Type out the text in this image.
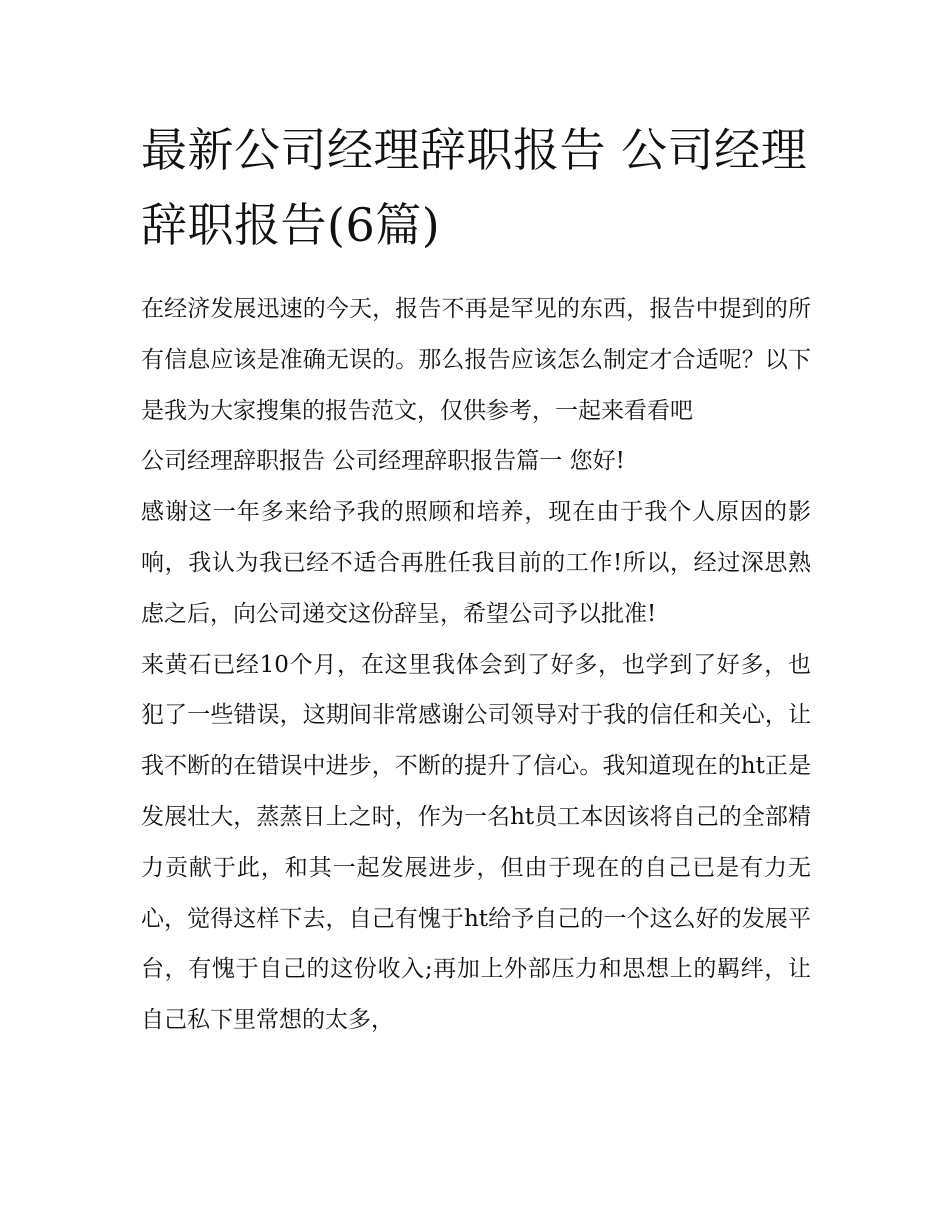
最新公司经理辞职报告 公司经理辞职报告(6篇)

在经济发展迅速的今天，报告不再是罕见的东西，报告中提到的所有信息应该是准确无误的。那么报告应该怎么制定才合适呢？以下是我为大家搜集的报告范文，仅供参考，一起来看看吧

公司经理辞职报告 公司经理辞职报告篇一 您好!

感谢这一年多来给予我的照顾和培养，现在由于我个人原因的影响，我认为我已经不适合再胜任我目前的工作!所以，经过深思熟虑之后，向公司递交这份辞呈，希望公司予以批准!

来黄石已经10个月，在这里我体会到了好多，也学到了好多，也犯了一些错误，这期间非常感谢公司领导对于我的信任和关心，让我不断的在错误中进步，不断的提升了信心。我知道现在的ht正是发展壮大，蒸蒸日上之时，作为一名ht员工本因该将自己的全部精力贡献于此，和其一起发展进步，但由于现在的自己已是有力无心，觉得这样下去，自己有愧于ht给予自己的一个这么好的发展平台，有愧于自己的这份收入;再加上外部压力和思想上的羁绊，让自己私下里常想的太多，
